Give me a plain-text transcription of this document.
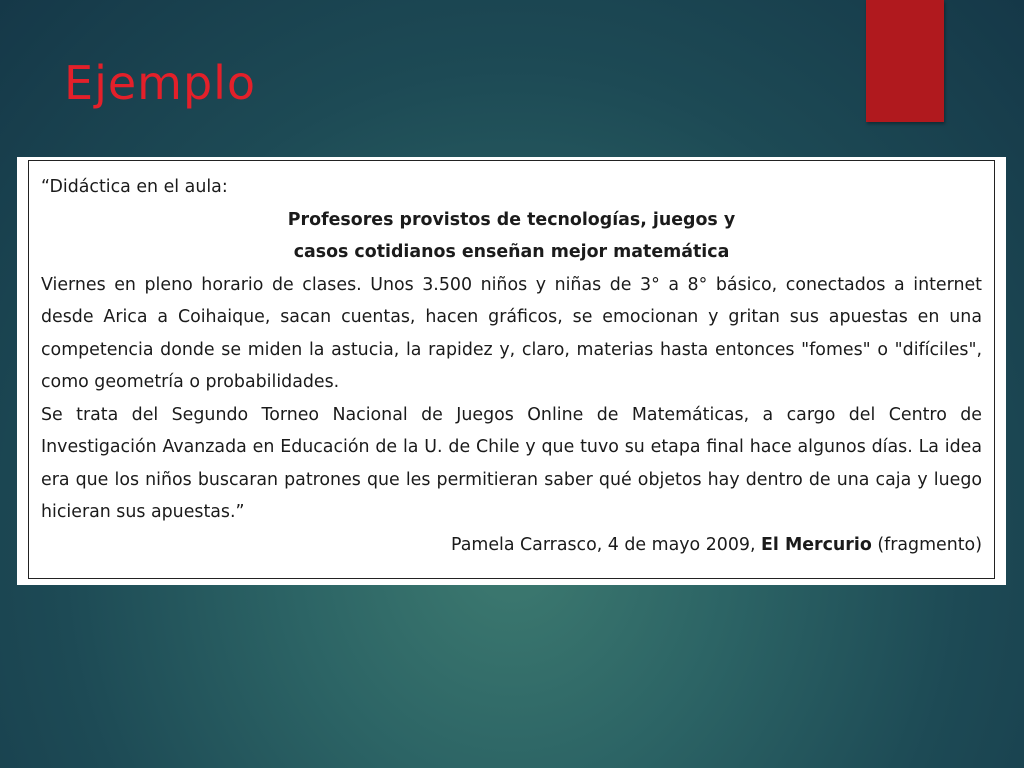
Ejemplo

“Didáctica en el aula:

Profesores provistos de tecnologías, juegos y casos cotidianos enseñan mejor matemática

Viernes en pleno horario de clases. Unos 3.500 niños y niñas de 3° a 8° básico, conectados a internet desde Arica a Coihaique, sacan cuentas, hacen gráficos, se emocionan y gritan sus apuestas en una competencia donde se miden la astucia, la rapidez y, claro, materias hasta entonces "fomes" o "difíciles", como geometría o probabilidades.

Se trata del Segundo Torneo Nacional de Juegos Online de Matemáticas, a cargo del Centro de Investigación Avanzada en Educación de la U. de Chile y que tuvo su etapa final hace algunos días. La idea era que los niños buscaran patrones que les permitieran saber qué objetos hay dentro de una caja y luego hicieran sus apuestas.”

Pamela Carrasco, 4 de mayo 2009, El Mercurio (fragmento)
